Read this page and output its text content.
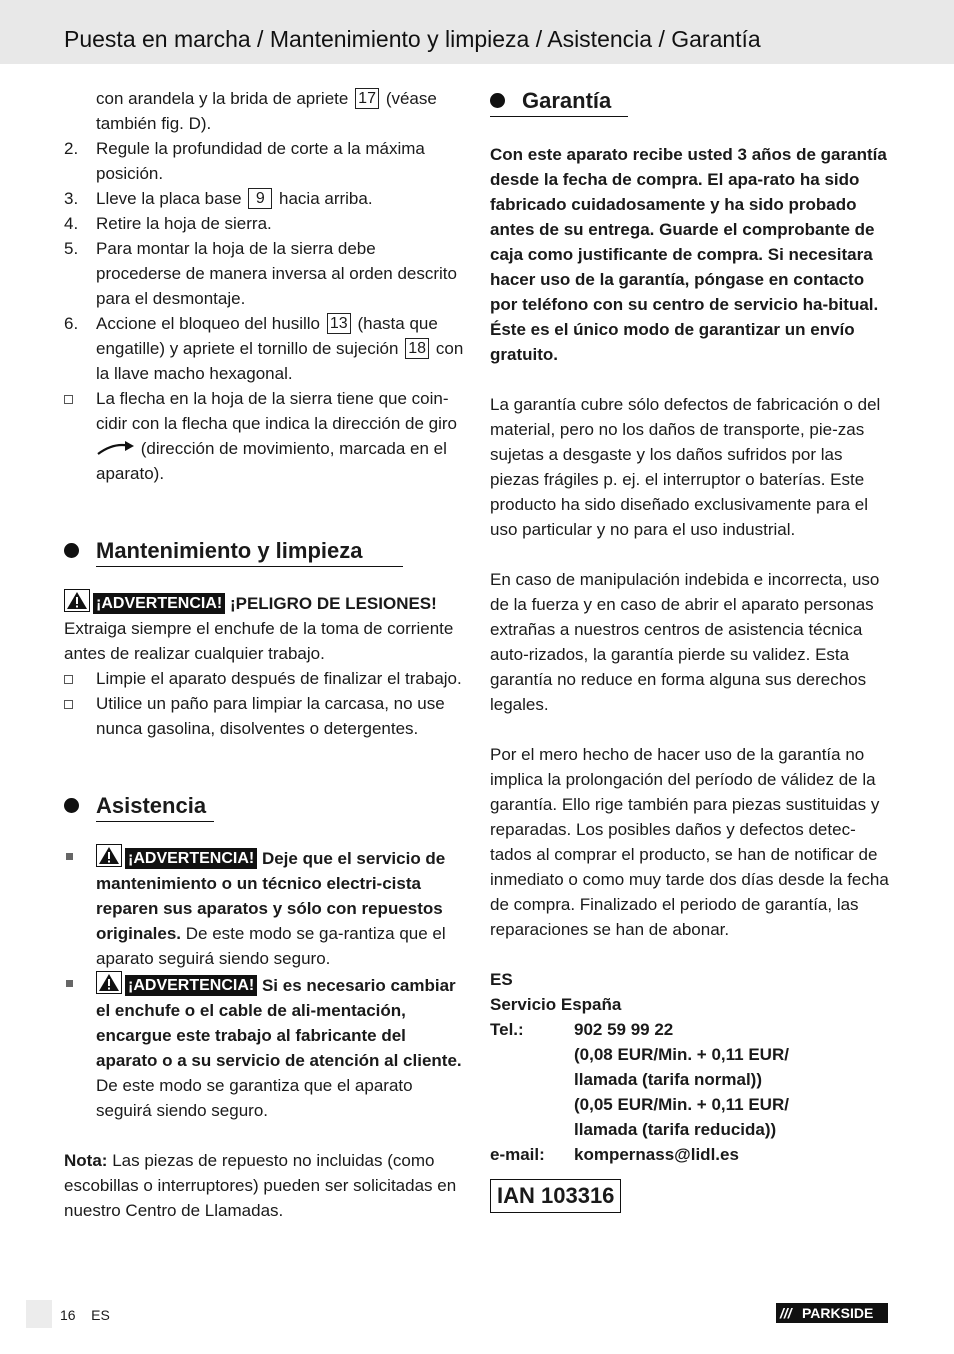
Puesta en marcha / Mantenimiento y limpieza / Asistencia / Garantía
con arandela y la brida de apriete 17 (véase
también fig. D).
2.	Regule la profundidad de corte a la máxima posición.
3.	Lleve la placa base 9 hacia arriba.
4.	Retire la hoja de sierra.
5.	Para montar la hoja de la sierra debe procederse de manera inversa al orden descrito para el desmontaje.
6.	Accione el bloqueo del husillo 13 (hasta que engatille) y apriete el tornillo de sujeción 18 con la llave macho hexagonal.
La flecha en la hoja de la sierra tiene que coin-cidir con la flecha que indica la dirección de giro  (dirección de movimiento, marcada en el aparato).
Mantenimiento y limpieza
¡ADVERTENCIA! ¡PELIGRO DE LESIONES!

Extraiga siempre el enchufe de la toma de corriente antes de realizar cualquier trabajo.

Limpie el aparato después de finalizar el trabajo.
Utilice un paño para limpiar la carcasa, no use nunca gasolina, disolventes o detergentes.
Asistencia
¡ADVERTENCIA! Deje que el servicio de mantenimiento o un técnico electri-cista reparen sus aparatos y sólo con repuestos originales. De este modo se ga-rantiza que el aparato seguirá siendo seguro.
¡ADVERTENCIA! Si es necesario cambiar el enchufe o el cable de ali-mentación, encargue este trabajo al fabricante del aparato o a su servicio de atención al cliente. De este modo se garantiza que el aparato seguirá siendo seguro.

Nota: Las piezas de repuesto no incluidas (como escobillas o interruptores) pueden ser solicitadas en nuestro Centro de Llamadas.

Garantía

Con este aparato recibe usted 3 años de garantía desde la fecha de compra. El apa-rato ha sido fabricado cuidadosamente y ha sido probado antes de su entrega. Guarde el comprobante de caja como justificante de compra. Si necesitara hacer uso de la garantía, póngase en contacto por teléfono con su centro de servicio ha-bitual. Éste es el único modo de garantizar un envío gratuito.

La garantía cubre sólo defectos de fabricación o del material, pero no los daños de transporte, pie-zas sujetas a desgaste y los daños sufridos por las piezas frágiles p. ej. el interruptor o baterías. Este producto ha sido diseñado exclusivamente para el uso particular y no para el uso industrial.

En caso de manipulación indebida e incorrecta, uso de la fuerza y en caso de abrir el aparato personas extrañas a nuestros centros de asistencia técnica auto-rizados, la garantía pierde su validez. Esta garantía no reduce en forma alguna sus derechos legales.

Por el mero hecho de hacer uso de la garantía no implica la prolongación del período de válidez de la garantía. Ello rige también para piezas sustituidas y reparadas. Los posibles daños y defectos detec-tados al comprar el producto, se han de notificar de inmediato o como muy tarde dos días desde la fecha de compra. Finalizado el periodo de garantía, las reparaciones se han de abonar.

ES
Servicio España
Tel.:	902 59 99 22
(0,08 EUR/Min. + 0,11 EUR/
llamada (tarifa normal))
(0,05 EUR/Min. + 0,11 EUR/
llamada (tarifa reducida))
e-mail: kompernass@lidl.es
IAN 103316
16 ES	/// PARKSIDE
